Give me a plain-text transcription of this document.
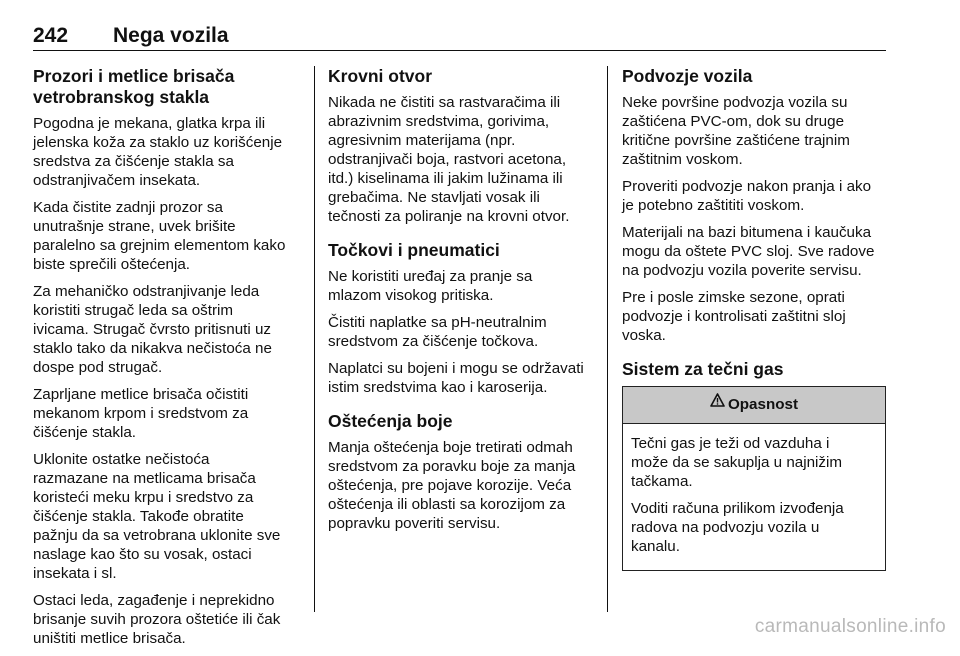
242 Nega vozila
Prozori i metlice brisača
vetrobranskog stakla

Pogodna je mekana, glatka krpa ili
jelenska koža za staklo uz korišćenje
sredstva za čišćenje stakla sa
odstranjivačem insekata.

Kada čistite zadnji prozor sa
unutrašnje strane, uvek brišite
paralelno sa grejnim elementom kako
biste sprečili oštećenja.

Za mehaničko odstranjivanje leda
koristiti strugač leda sa oštrim
ivicama. Strugač čvrsto pritisnuti uz
staklo tako da nikakva nečistoća ne
dospe pod strugač.

Zaprljane metlice brisača očistiti
mekanom krpom i sredstvom za
čišćenje stakla.

Uklonite ostatke nečistoća
razmazane na metlicama brisača
koristeći meku krpu i sredstvo za
čišćenje stakla. Takođe obratite
pažnju da sa vetrobrana uklonite sve
naslage kao što su vosak, ostaci
insekata i sl.

Ostaci leda, zagađenje i neprekidno
brisanje suvih prozora oštetiće ili čak
uništiti metlice brisača.

Krovni otvor

Nikada ne čistiti sa rastvaračima ili
abrazivnim sredstvima, gorivima,
agresivnim materijama (npr.
odstranjivači boja, rastvori acetona,
itd.) kiselinama ili jakim lužinama ili
grebačima. Ne stavljati vosak ili
tečnosti za poliranje na krovni otvor.

Točkovi i pneumatici

Ne koristiti uređaj za pranje sa
mlazom visokog pritiska.

Čistiti naplatke sa pH-neutralnim
sredstvom za čišćenje točkova.

Naplatci su bojeni i mogu se održavati
istim sredstvima kao i karoserija.

Oštećenja boje

Manja oštećenja boje tretirati odmah
sredstvom za poravku boje za manja
oštećenja, pre pojave korozije. Veća
oštećenja ili oblasti sa korozijom za
popravku poveriti servisu.

Podvozje vozila

Neke površine podvozja vozila su
zaštićena PVC-om, dok su druge
kritične površine zaštićene trajnim
zaštitnim voskom.

Proveriti podvozje nakon pranja i ako
je potebno zaštititi voskom.

Materijali na bazi bitumena i kaučuka
mogu da oštete PVC sloj. Sve radove
na podvozju vozila poverite servisu.

Pre i posle zimske sezone, oprati
podvozje i kontrolisati zaštitni sloj
voska.

Sistem za tečni gas
Opasnost

Tečni gas je teži od vazduha i
može da se sakuplja u najnižim
tačkama.

Voditi računa prilikom izvođenja
radova na podvozju vozila u
kanalu.

carmanualsonline.info
